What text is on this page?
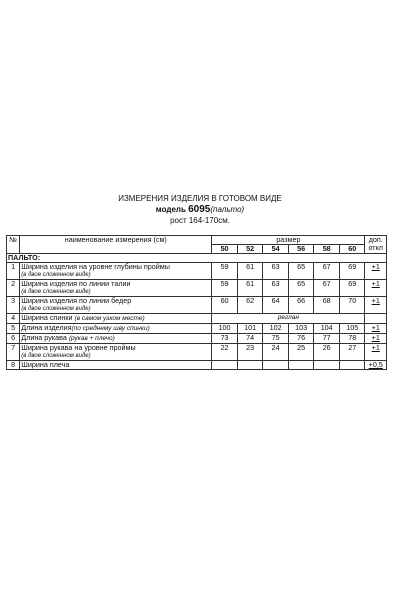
ИЗМЕРЕНИЯ ИЗДЕЛИЯ В ГОТОВОМ ВИДЕ
модель 6095(пальто)
рост 164-170см.
№	наименование измерения (см)	размер						доп.
откл

		50	52	54	56	58	60	
ПАЛЬТО:								
1	Ширина изделия на уровне глубины проймы
(в двое сложенном виде)	59	61	63	65	67	69	+1
2	Ширина изделия по линии талии
(в двое сложенном виде)	59	61	63	65	67	69	+1
3	Ширина изделия по линии бедер
(в двое сложенном виде)	60	62	64	66	68	70	+1
4	Ширина спинки (в самом узком месте)	реглан						
5	Длина изделия(по среднему шву спинки)	100	101	102	103	104	105	+1
6	Длина рукава (рукав + плечо)	73	74	75	76	77	78	+1
7	Ширина рукава на уровне проймы
(в двое сложенном виде)	22	23	24	25	26	27	+1
8	Ширина плеча							+0,5
